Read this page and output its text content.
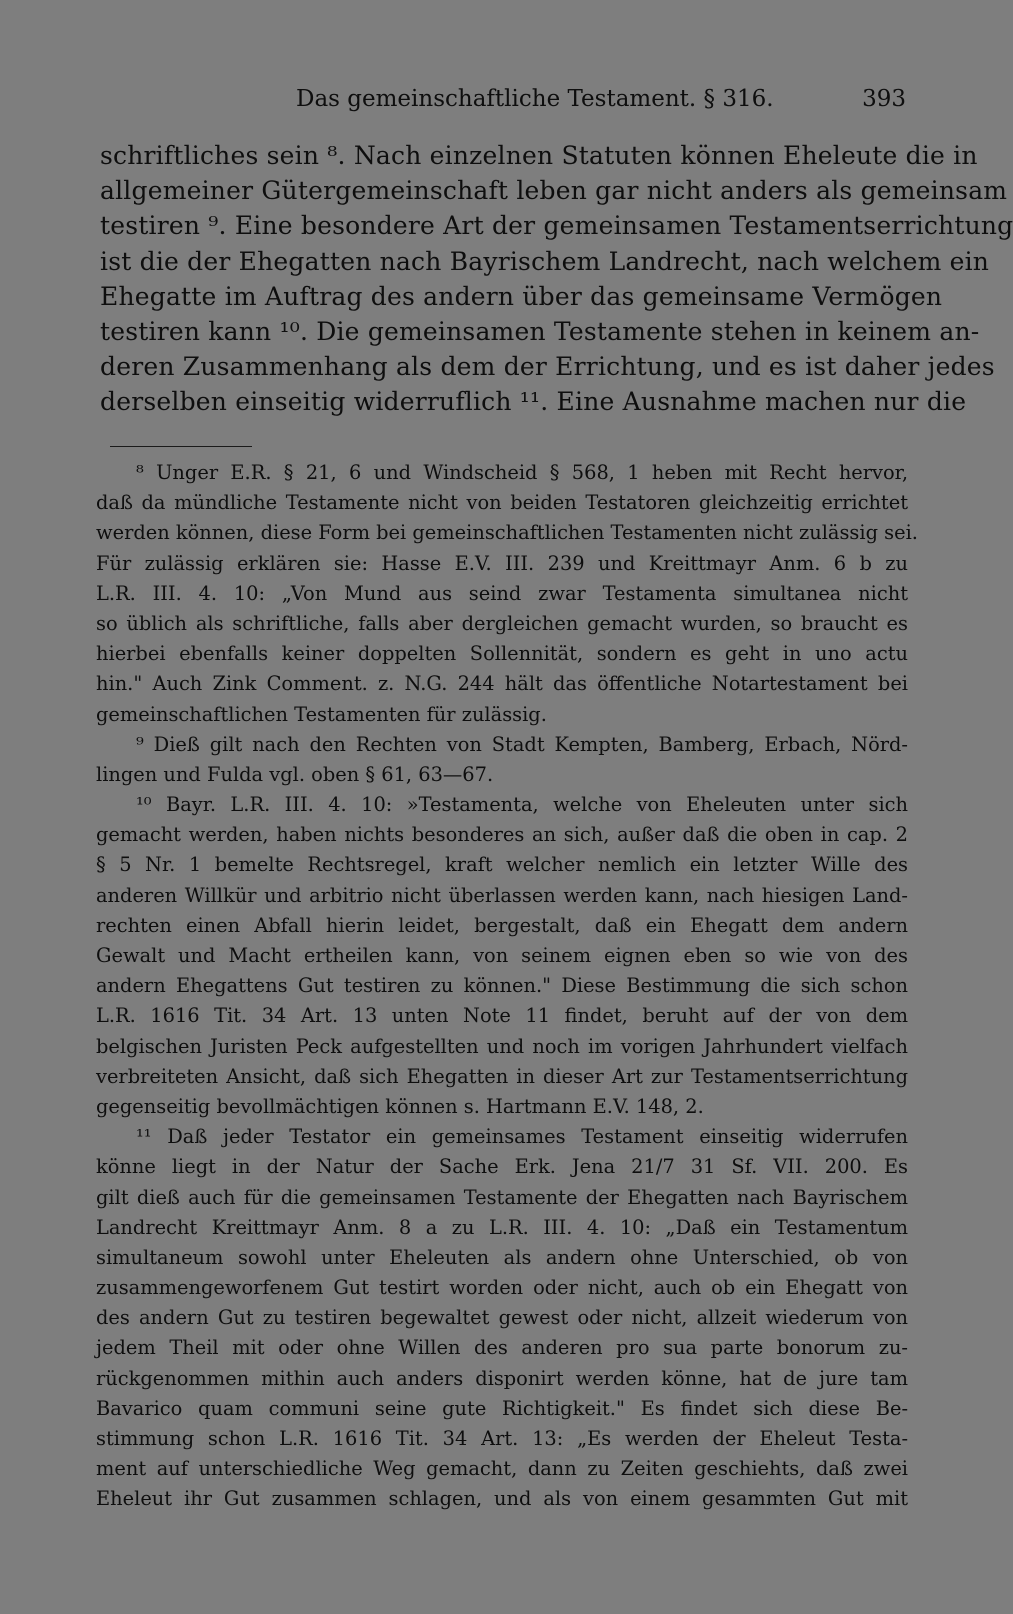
Das gemeinschaftliche Testament. § 316.	393
schriftliches sein ⁸. Nach einzelnen Statuten können Eheleute die in
allgemeiner Gütergemeinschaft leben gar nicht anders als gemeinsam
testiren ⁹. Eine besondere Art der gemeinsamen Testamentserrichtung
ist die der Ehegatten nach Bayrischem Landrecht, nach welchem ein
Ehegatte im Auftrag des andern über das gemeinsame Vermögen
testiren kann ¹⁰. Die gemeinsamen Testamente stehen in keinem an-
deren Zusammenhang als dem der Errichtung, und es ist daher jedes
derselben einseitig widerruflich ¹¹. Eine Ausnahme machen nur die
⁸ Unger E.R. § 21, 6 und Windscheid § 568, 1 heben mit Recht hervor,
daß da mündliche Testamente nicht von beiden Testatoren gleichzeitig errichtet
werden können, diese Form bei gemeinschaftlichen Testamenten nicht zulässig sei.
Für zulässig erklären sie: Hasse E.V. III. 239 und Kreittmayr Anm. 6 b zu
L.R. III. 4. 10: „Von Mund aus seind zwar Testamenta simultanea nicht
so üblich als schriftliche, falls aber dergleichen gemacht wurden, so braucht es
hierbei ebenfalls keiner doppelten Sollennität, sondern es geht in uno actu
hin." Auch Zink Comment. z. N.G. 244 hält das öffentliche Notartestament bei
gemeinschaftlichen Testamenten für zulässig.
⁹ Dieß gilt nach den Rechten von Stadt Kempten, Bamberg, Erbach, Nörd-
lingen und Fulda vgl. oben § 61, 63—67.
¹⁰ Bayr. L.R. III. 4. 10: »Testamenta, welche von Eheleuten unter sich
gemacht werden, haben nichts besonderes an sich, außer daß die oben in cap. 2
§ 5 Nr. 1 bemelte Rechtsregel, kraft welcher nemlich ein letzter Wille des
anderen Willkür und arbitrio nicht überlassen werden kann, nach hiesigen Land-
rechten einen Abfall hierin leidet, bergestalt, daß ein Ehegatt dem andern
Gewalt und Macht ertheilen kann, von seinem eignen eben so wie von des
andern Ehegattens Gut testiren zu können." Diese Bestimmung die sich schon
L.R. 1616 Tit. 34 Art. 13 unten Note 11 findet, beruht auf der von dem
belgischen Juristen Peck aufgestellten und noch im vorigen Jahrhundert vielfach
verbreiteten Ansicht, daß sich Ehegatten in dieser Art zur Testamentserrichtung
gegenseitig bevollmächtigen können s. Hartmann E.V. 148, 2.
¹¹ Daß jeder Testator ein gemeinsames Testament einseitig widerrufen
könne liegt in der Natur der Sache Erk. Jena 21/7 31 Sf. VII. 200. Es
gilt dieß auch für die gemeinsamen Testamente der Ehegatten nach Bayrischem
Landrecht Kreittmayr Anm. 8 a zu L.R. III. 4. 10: „Daß ein Testamentum
simultaneum sowohl unter Eheleuten als andern ohne Unterschied, ob von
zusammengeworfenem Gut testirt worden oder nicht, auch ob ein Ehegatt von
des andern Gut zu testiren begewaltet gewest oder nicht, allzeit wiederum von
jedem Theil mit oder ohne Willen des anderen pro sua parte bonorum zu-
rückgenommen mithin auch anders disponirt werden könne, hat de jure tam
Bavarico quam communi seine gute Richtigkeit." Es findet sich diese Be-
stimmung schon L.R. 1616 Tit. 34 Art. 13: „Es werden der Eheleut Testa-
ment auf unterschiedliche Weg gemacht, dann zu Zeiten geschiehts, daß zwei
Eheleut ihr Gut zusammen schlagen, und als von einem gesammten Gut mit
